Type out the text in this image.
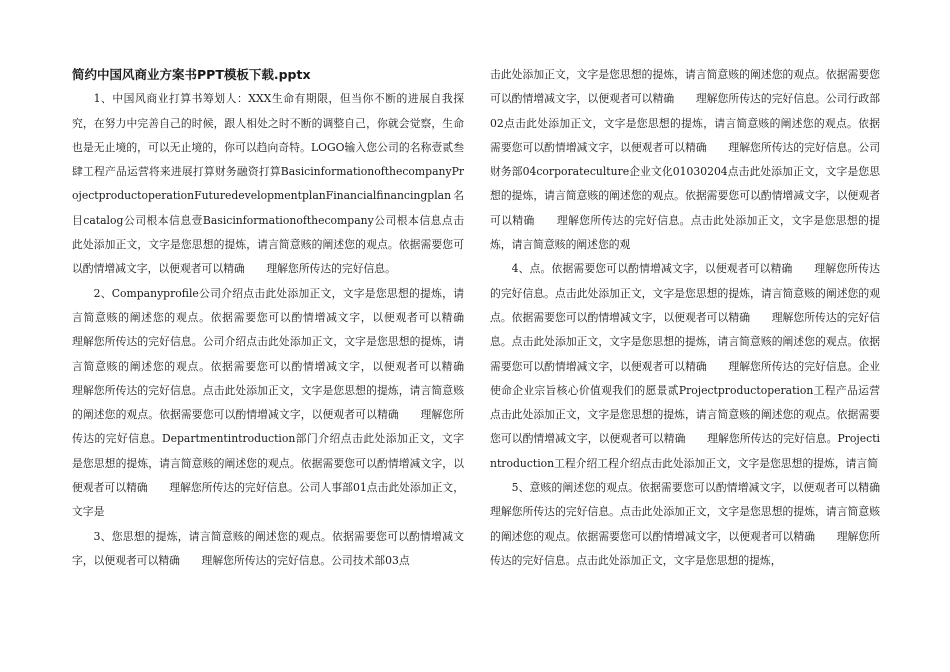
简约中国风商业方案书PPT模板下载.pptx

1、中国风商业打算书筹划人：XXX生命有期限，但当你不断的进展自我探究，在努力中完善自己的时候，跟人相处之时不断的调整自己，你就会觉察，生命也是无止境的，可以无止境的，你可以趋向奇特。LOGO输入您公司的名称壹贰叁肆工程产品运营将来进展打算财务融资打算BasicinformationofthecompanyProjectproductoperationFuturedevelopmentplanFinancialfinancingplan名目catalog公司根本信息壹Basicinformationofthecompany公司根本信息点击此处添加正文，文字是您思想的提炼，请言简意赅的阐述您的观点。依据需要您可以酌情增减文字，以便观者可以精确　　理解您所传达的完好信息。

2、Companyprofile公司介绍点击此处添加正文，文字是您思想的提炼，请言简意赅的阐述您的观点。依据需要您可以酌情增减文字，以便观者可以精确　　理解您所传达的完好信息。公司介绍点击此处添加正文，文字是您思想的提炼，请言简意赅的阐述您的观点。依据需要您可以酌情增减文字，以便观者可以精确　　理解您所传达的完好信息。点击此处添加正文，文字是您思想的提炼，请言简意赅的阐述您的观点。依据需要您可以酌情增减文字，以便观者可以精确　　理解您所传达的完好信息。Departmentintroduction部门介绍点击此处添加正文，文字是您思想的提炼，请言简意赅的阐述您的观点。依据需要您可以酌情增减文字，以便观者可以精确　　理解您所传达的完好信息。公司人事部01点击此处添加正文，文字是

3、您思想的提炼，请言简意赅的阐述您的观点。依据需要您可以酌情增减文字，以便观者可以精确　　理解您所传达的完好信息。公司技术部03点

击此处添加正文，文字是您思想的提炼，请言简意赅的阐述您的观点。依据需要您可以酌情增减文字，以便观者可以精确　　理解您所传达的完好信息。公司行政部02点击此处添加正文，文字是您思想的提炼，请言简意赅的阐述您的观点。依据需要您可以酌情增减文字，以便观者可以精确　　理解您所传达的完好信息。公司财务部04corporateculture企业文化01030204点击此处添加正文，文字是您思想的提炼，请言简意赅的阐述您的观点。依据需要您可以酌情增减文字，以便观者可以精确　　理解您所传达的完好信息。点击此处添加正文，文字是您思想的提炼，请言简意赅的阐述您的观

4、点。依据需要您可以酌情增减文字，以便观者可以精确　　理解您所传达的完好信息。点击此处添加正文，文字是您思想的提炼，请言简意赅的阐述您的观点。依据需要您可以酌情增减文字，以便观者可以精确　　理解您所传达的完好信息。点击此处添加正文，文字是您思想的提炼，请言简意赅的阐述您的观点。依据需要您可以酌情增减文字，以便观者可以精确　　理解您所传达的完好信息。企业使命企业宗旨核心价值观我们的愿景贰Projectproductoperation工程产品运营点击此处添加正文，文字是您思想的提炼，请言简意赅的阐述您的观点。依据需要您可以酌情增减文字，以便观者可以精确　　理解您所传达的完好信息。Projectintroduction工程介绍工程介绍点击此处添加正文，文字是您思想的提炼，请言简

5、意赅的阐述您的观点。依据需要您可以酌情增减文字，以便观者可以精确　　理解您所传达的完好信息。点击此处添加正文，文字是您思想的提炼，请言简意赅的阐述您的观点。依据需要您可以酌情增减文字，以便观者可以精确　　理解您所传达的完好信息。点击此处添加正文，文字是您思想的提炼，
